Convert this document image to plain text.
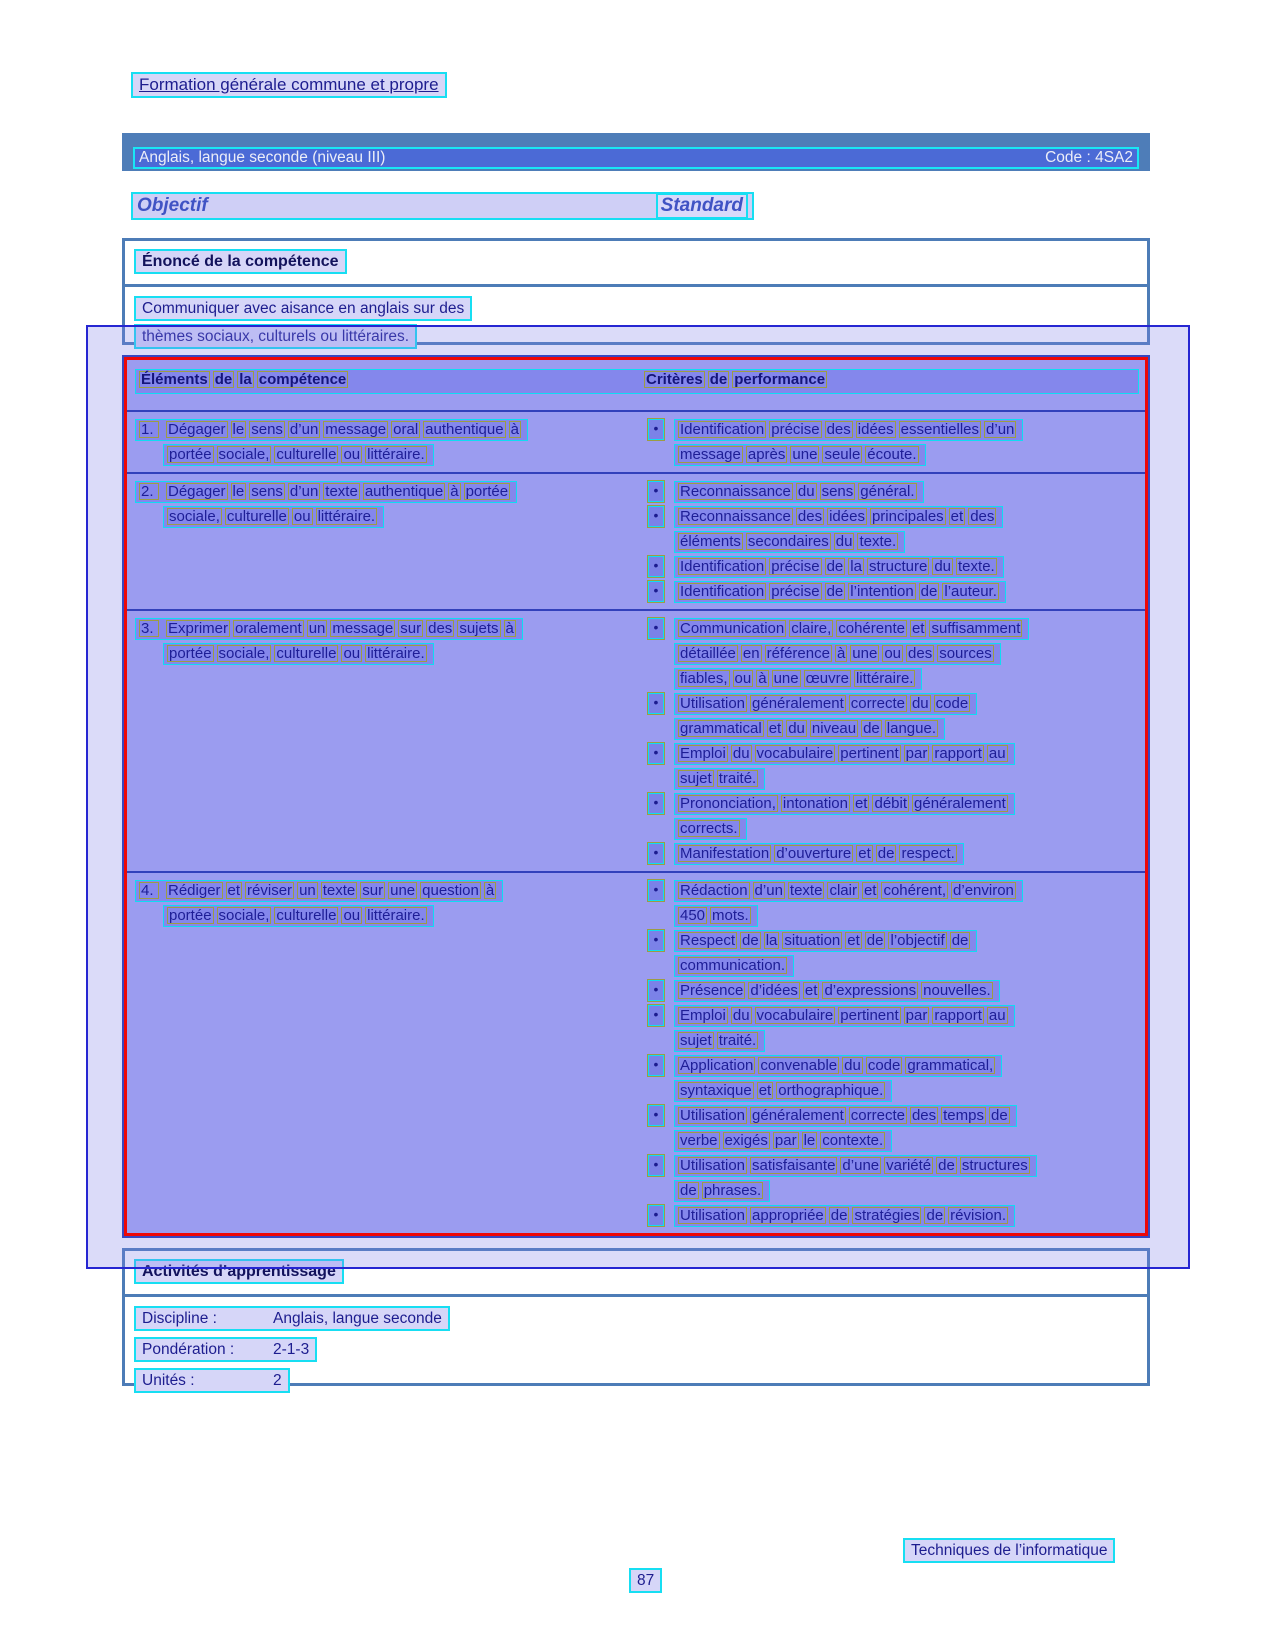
Formation générale commune et propre
Anglais, langue seconde (niveau III)	Code : 4SA2
Objectif	Standard
Énoncé de la compétence
Communiquer avec aisance en anglais sur des
thèmes sociaux, culturels ou littéraires.
Éléments de la compétence	Critères de performance
1. Dégager le sens d’un message oral authentique à
portée sociale, culturelle ou littéraire.
•	Identification précise des idées essentielles d’un
message après une seule écoute.
2. Dégager le sens d’un texte authentique à portée
sociale, culturelle ou littéraire.
•	Reconnaissance du sens général.
•	Reconnaissance des idées principales et des
éléments secondaires du texte.
•	Identification précise de la structure du texte.
•	Identification précise de l’intention de l’auteur.
3. Exprimer oralement un message sur des sujets à
portée sociale, culturelle ou littéraire.
•	Communication claire, cohérente et suffisamment
détaillée en référence à une ou des sources
fiables, ou à une œuvre littéraire.
•	Utilisation généralement correcte du code
grammatical et du niveau de langue.
•	Emploi du vocabulaire pertinent par rapport au
sujet traité.
•	Prononciation, intonation et débit généralement
corrects.
•	Manifestation d’ouverture et de respect.
4. Rédiger et réviser un texte sur une question à
portée sociale, culturelle ou littéraire.
•	Rédaction d’un texte clair et cohérent, d’environ
450 mots.
•	Respect de la situation et de l’objectif de
communication.
•	Présence d’idées et d’expressions nouvelles.
•	Emploi du vocabulaire pertinent par rapport au
sujet traité.
•	Application convenable du code grammatical,
syntaxique et orthographique.
•	Utilisation généralement correcte des temps de
verbe exigés par le contexte.
•	Utilisation satisfaisante d’une variété de structures
de phrases.
•	Utilisation appropriée de stratégies de révision.
Activités d’apprentissage
Discipline :	Anglais, langue seconde
Pondération :	2-1-3
Unités :	2
Techniques de l’informatique
87
